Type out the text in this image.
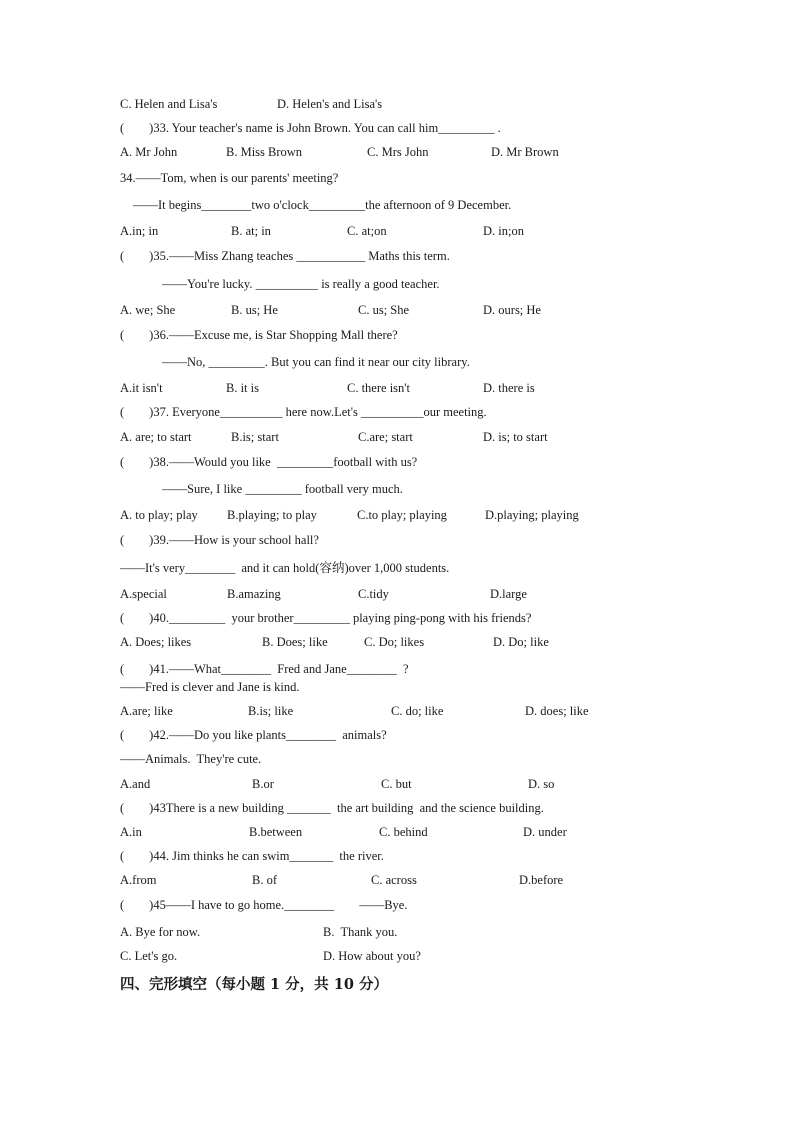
C. Helen and Lisa's	D. Helen's and Lisa's
(        )33. Your teacher's name is John Brown. You can call him_________ .
A. Mr John	B. Miss Brown	C. Mrs John	D. Mr Brown
34.——Tom, when is our parents' meeting?
——It begins________two o'clock_________the afternoon of 9 December.
A.in; in	B. at; in	C. at;on	D. in;on
(        )35.——Miss Zhang teaches ___________ Maths this term.
——You're lucky. __________ is really a good teacher.
A. we; She	B. us; He	C. us; She	D. ours; He
(        )36.——Excuse me, is Star Shopping Mall there?
——No, _________. But you can find it near our city library.
A.it isn't	B. it is	C. there isn't	D. there is
(        )37. Everyone__________ here now.Let's __________our meeting.
A. are; to start	B.is; start	C.are; start	D. is; to start
(        )38.——Would you like  _________football with us?
——Sure, I like _________ football very much.
A. to play; play B.playing; to play	C.to play; playing	D.playing; playing
(        )39.——How is your school hall?
——It's very________  and it can hold(容纳)over 1,000 students.
A.special	B.amazing	C.tidy	D.large
(        )40._________  your brother_________ playing ping-pong with his friends?
A. Does; likes	B. Does; like	C. Do; likes	D. Do; like
(        )41.——What________  Fred and Jane________  ?
——Fred is clever and Jane is kind.
A.are; like	B.is; like	C. do; like	D. does; like
(        )42.——Do you like plants________  animals?
——Animals.  They're cute.
A.and	B.or	C. but	D. so
(        )43There is a new building _______  the art building  and the science building.
A.in	B.between	C. behind	D. under
(        )44. Jim thinks he can swim_______  the river.
A.from	B. of	C. across	D.before
(        )45——I have to go home.________        ——Bye.
A. Bye for now.	B.  Thank you.
C. Let's go.	D. How about you?
四、完形填空（每小题 1 分，共 10 分）
